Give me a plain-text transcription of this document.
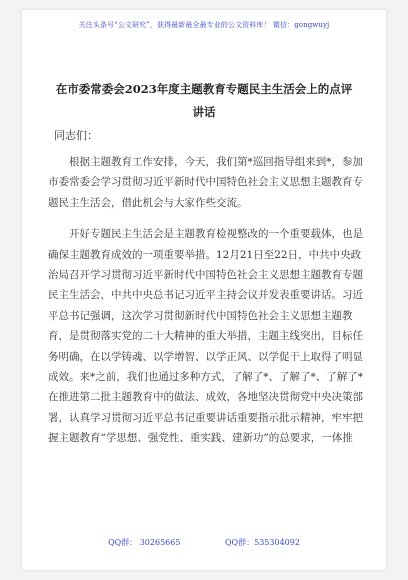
关注头条号“公文研究”，获得最新最全最专业的公文资料库！ 微信：gongwuyj
在市委常委会2023年度主题教育专题民主生活会上的点评
讲话
同志们：

根据主题教育工作安排，今天，我们第*巡回指导组来到*，参加市委常委会学习贯彻习近平新时代中国特色社会主义思想主题教育专题民主生活会，借此机会与大家作些交流。

开好专题民主生活会是主题教育检视整改的一个重要载体，也是确保主题教育成效的一项重要举措。12月21日至22日，中共中央政治局召开学习贯彻习近平新时代中国特色社会主义思想主题教育专题民主生活会，中共中央总书记习近平主持会议并发表重要讲话。习近平总书记强调，这次学习贯彻新时代中国特色社会主义思想主题教育，是贯彻落实党的二十大精神的重大举措，主题主线突出，目标任务明确，在以学铸魂、以学增智、以学正风、以学促干上取得了明显成效。来*之前，我们也通过多种方式，了解了*、了解了*、了解了*在推进第二批主题教育中的做法、成效，各地坚决贯彻党中央决策部署，认真学习贯彻习近平总书记重要讲话重要指示批示精神，牢牢把握主题教育“学思想、强党性、重实践、建新功”的总要求，一体推

QQ群： 30265665	QQ群：535304092
